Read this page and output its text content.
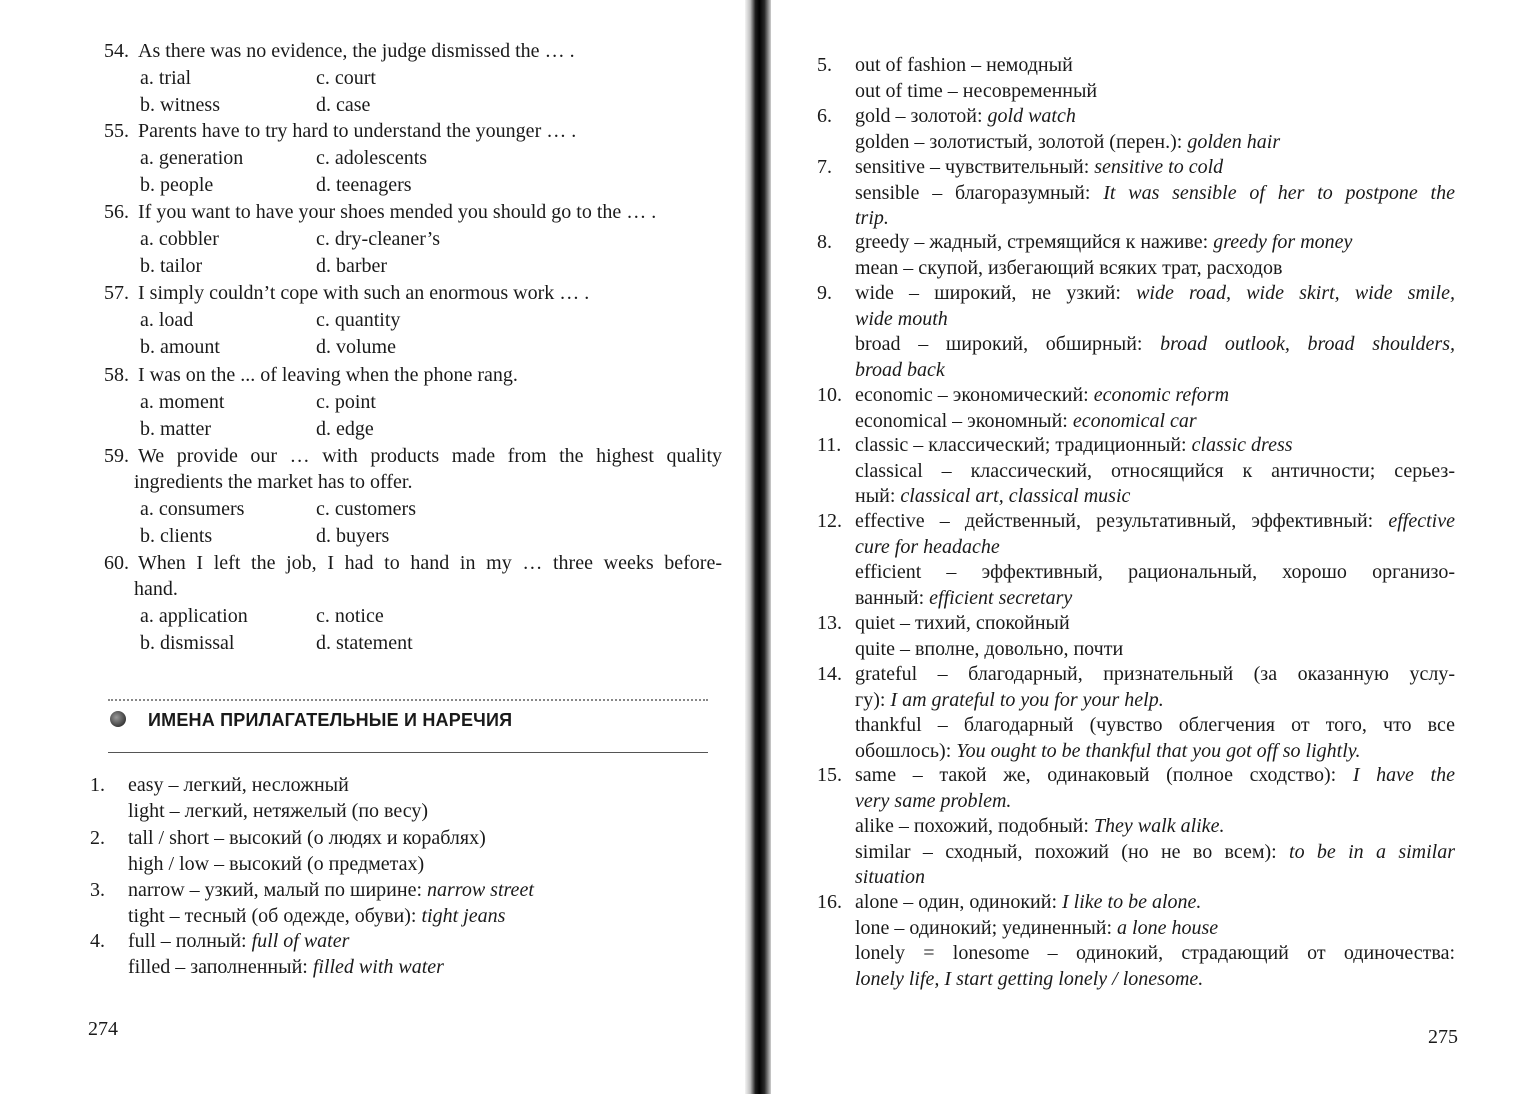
54. As there was no evidence, the judge dismissed the … .
a. trial	c. court
b. witness	d. case
55. Parents have to try hard to understand the younger … .
a. generation	c. adolescents
b. people	d. teenagers
56. If you want to have your shoes mended you should go to the … .
a. cobbler	c. dry-cleaner’s
b. tailor	d. barber
57. I simply couldn’t cope with such an enormous work … .
a. load	c. quantity
b. amount	d. volume
58. I was on the ... of leaving when the phone rang.
a. moment	c. point
b. matter	d. edge
59. We provide our … with products made from the highest quality
ingredients the market has to offer.
a. consumers	c. customers
b. clients	d. buyers
60. When I left the job, I had to hand in my … three weeks before-
hand.
a. application	c. notice
b. dismissal	d. statement
ИМЕНА ПРИЛАГАТЕЛЬНЫЕ И НАРЕЧИЯ
1. easy – легкий, несложный
light – легкий, нетяжелый (по весу)
2. tall / short – высокий (о людях и кораблях)
high / low – высокий (о предметах)
3. narrow – узкий, малый по ширине: narrow street
tight – тесный (об одежде, обуви): tight jeans
4. full – полный: full of water
filled – заполненный: filled with water
274
5. out of fashion – немодный
out of time – несовременный
6. gold – золотой: gold watch
golden – золотистый, золотой (перен.): golden hair
7. sensitive – чувствительный: sensitive to cold
sensible – благоразумный: It was sensible of her to postpone the
trip.
8. greedy – жадный, стремящийся к наживе: greedy for money
mean – скупой, избегающий всяких трат, расходов
9. wide – широкий, не узкий: wide road, wide skirt, wide smile,
wide mouth
broad – широкий, обширный: broad outlook, broad shoulders,
broad back
10. economic – экономический: economic reform
economical – экономный: economical car
11. classic – классический; традиционный: classic dress
classical – классический, относящийся к античности; серьез-
ный: classical art, classical music
12. effective – действенный, результативный, эффективный: effective
cure for headache
efficient – эффективный, рациональный, хорошо организо-
ванный: efficient secretary
13. quiet – тихий, спокойный
quite – вполне, довольно, почти
14. grateful – благодарный, признательный (за оказанную услу-
гу): I am grateful to you for your help.
thankful – благодарный (чувство облегчения от того, что все
обошлось): You ought to be thankful that you got off so lightly.
15. same – такой же, одинаковый (полное сходство): I have the
very same problem.
alike – похожий, подобный: They walk alike.
similar – сходный, похожий (но не во всем): to be in a similar
situation
16. alone – один, одинокий: I like to be alone.
lone – одинокий; уединенный: a lone house
lonely = lonesome – одинокий, страдающий от одиночества:
lonely life, I start getting lonely / lonesome.
275
